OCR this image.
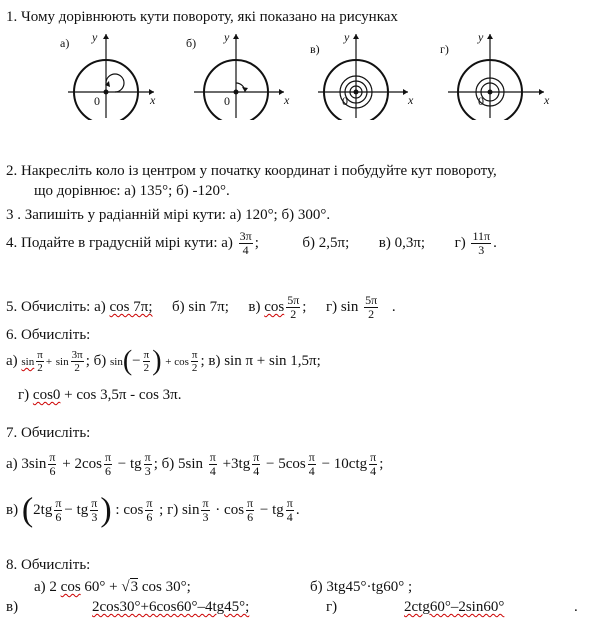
1. Чому дорівнюють кути повороту, які показано на рисунках
а) y
x
0
б) y
x
0
в)
y
x
0
г)
y
x
0
2. Накресліть коло із центром у початку координат і побудуйте кут повороту,
що дорівнює: а) 135°; б) -120°.
3 . Запишіть у радіанній мірі кути: а) 120°; б) 300°.
4. Подайте в градусній мірі кути: $а) \frac{3\pi}{4}$ ;	б) 2,5π; в) 0,3π; $г) \frac{11\pi}{3}$ .
5. Обчисліть: а) cos 7π; б) sin 7π; в) $\cos \frac{5\pi}{2}$ ; г) $\sin \frac{5\pi}{2}$ .
6. Обчисліть:
а) $\sin \frac{\pi}{2} + \sin \frac{3\pi}{2}$ ; б) $\sin(- \frac{\pi}{2}$ ) + $\cos \frac{\pi}{2}$ ; в) sin π + sin 1,5π;
г) cos0 + cos 3,5π - cos 3π.
7. Обчисліть:
а) $3\sin \frac{\pi}{6} + 2\cos \frac{\pi}{6}$ − tg $\frac{\pi}{3}$ ; б) $5\sin \frac{\pi}{4} +3tg \frac{\pi}{4} - 5\cos \frac{\pi}{4} - 10ctg \frac{\pi}{4}$ ;
в) ($2tg \frac{\pi}{6}$ − tg $\frac{\pi}{3}$ ) : $\cos \frac{\pi}{6}$ ; г) $\sin \frac{\pi}{3} \cdot \cos \frac{\pi}{6}$ − tg $\frac{\pi}{4}$ .
8. Обчисліть:
а) 2 cos 60° + √3 cos 30°;	б) 3tg45°·tg60° ;
в)	2cos30°+6cos60°–4tg45°;	г)	2ctg60°–2sin60°	.
